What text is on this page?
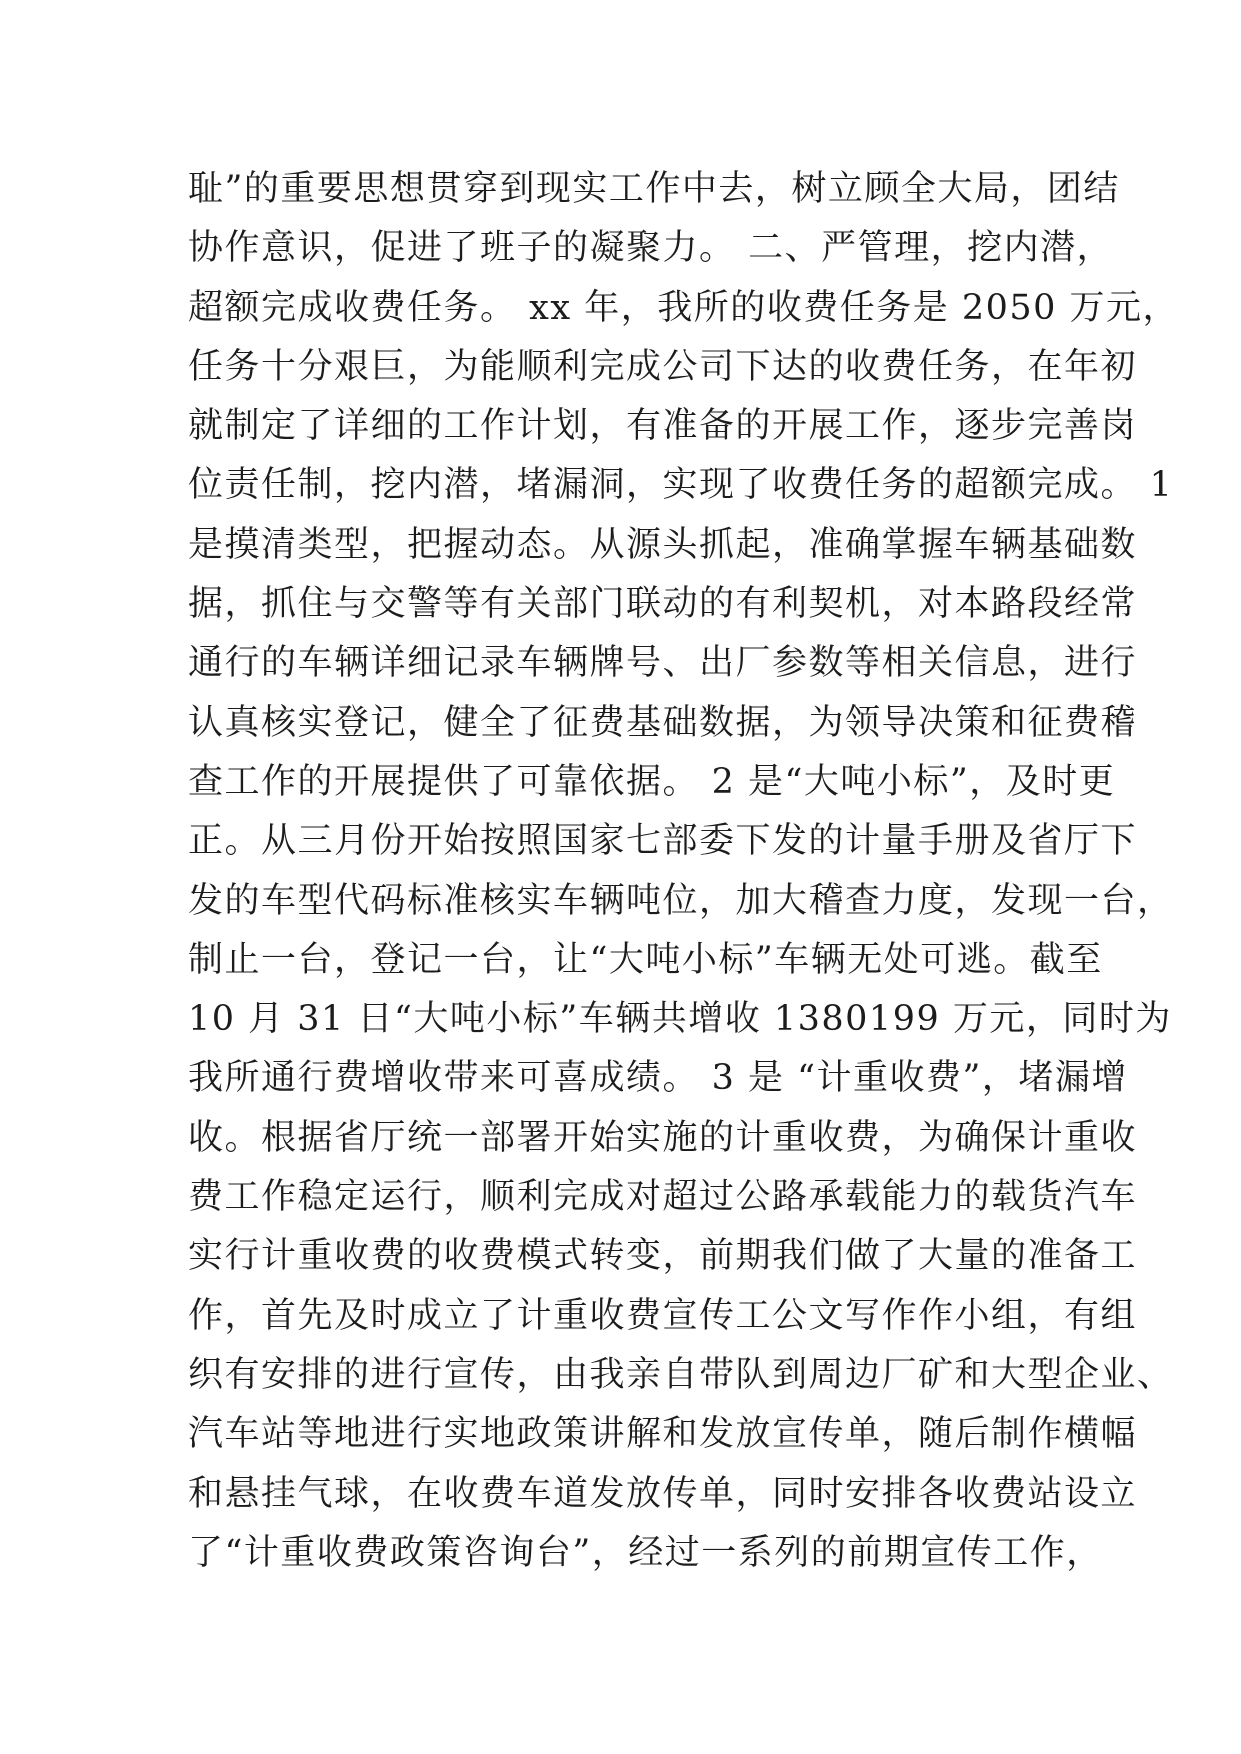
耻”的重要思想贯穿到现实工作中去，树立顾全大局，团结
协作意识，促进了班子的凝聚力。 二、严管理，挖内潜，
超额完成收费任务。 xx 年，我所的收费任务是 2050 万元，
任务十分艰巨，为能顺利完成公司下达的收费任务，在年初
就制定了详细的工作计划，有准备的开展工作，逐步完善岗
位责任制，挖内潜，堵漏洞，实现了收费任务的超额完成。 1
是摸清类型，把握动态。从源头抓起，准确掌握车辆基础数
据，抓住与交警等有关部门联动的有利契机，对本路段经常
通行的车辆详细记录车辆牌号、出厂参数等相关信息，进行
认真核实登记，健全了征费基础数据，为领导决策和征费稽
查工作的开展提供了可靠依据。 2 是“大吨小标”，及时更
正。从三月份开始按照国家七部委下发的计量手册及省厅下
发的车型代码标准核实车辆吨位，加大稽查力度，发现一台，
制止一台，登记一台，让“大吨小标”车辆无处可逃。截至
10 月 31 日“大吨小标”车辆共增收 1380199 万元，同时为
我所通行费增收带来可喜成绩。 3 是 “计重收费”，堵漏增
收。根据省厅统一部署开始实施的计重收费，为确保计重收
费工作稳定运行，顺利完成对超过公路承载能力的载货汽车
实行计重收费的收费模式转变，前期我们做了大量的准备工
作，首先及时成立了计重收费宣传工公文写作作小组，有组
织有安排的进行宣传，由我亲自带队到周边厂矿和大型企业、
汽车站等地进行实地政策讲解和发放宣传单，随后制作横幅
和悬挂气球，在收费车道发放传单，同时安排各收费站设立
了“计重收费政策咨询台”，经过一系列的前期宣传工作，
